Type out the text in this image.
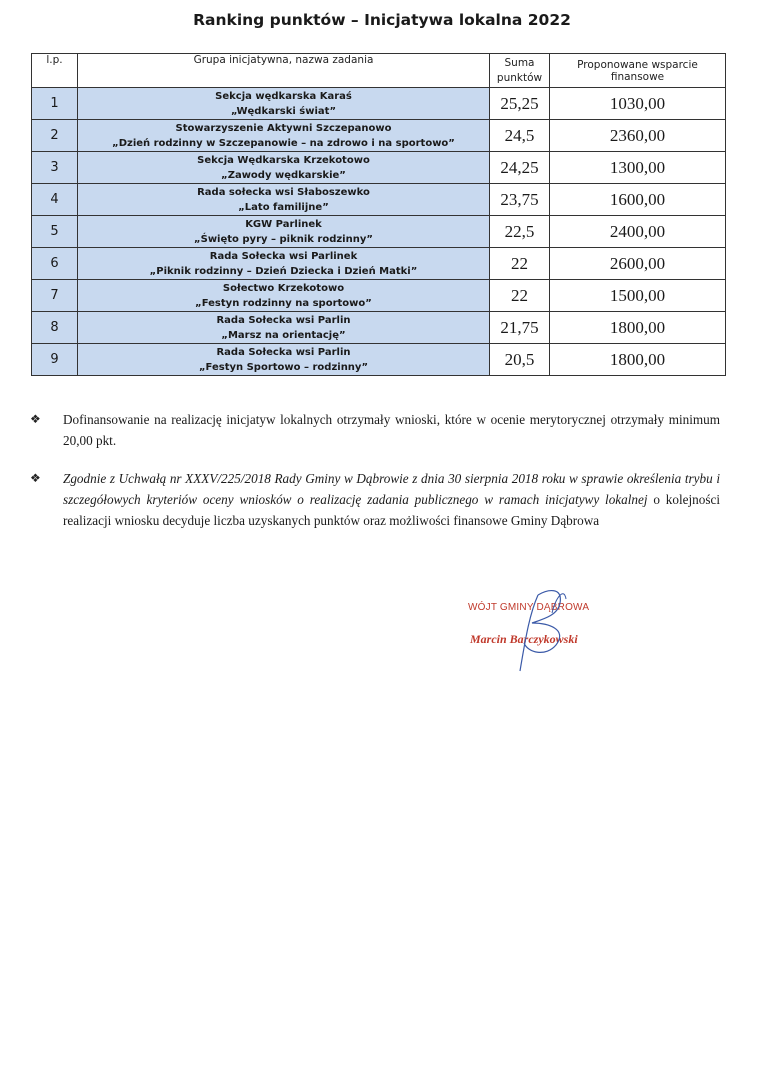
Ranking punktów – Inicjatywa lokalna 2022
l.p.	Grupa inicjatywna, nazwa zadania	Suma
punktów	Proponowane wsparcie finansowe
1	Sekcja wędkarska Karaś
„Wędkarski świat”	25,25	1030,00
2	Stowarzyszenie Aktywni Szczepanowo
„Dzień rodzinny w Szczepanowie – na zdrowo i na sportowo”	24,5	2360,00
3	Sekcja Wędkarska Krzekotowo
„Zawody wędkarskie”	24,25	1300,00
4	Rada sołecka wsi Słaboszewko
„Lato familijne”	23,75	1600,00
5	KGW Parlinek
„Święto pyry – piknik rodzinny”	22,5	2400,00
6	Rada Sołecka wsi Parlinek
„Piknik rodzinny – Dzień Dziecka i Dzień Matki”	22	2600,00
7	Sołectwo Krzekotowo
„Festyn rodzinny na sportowo”	22	1500,00
8	Rada Sołecka wsi Parlin
„Marsz na orientację”	21,75	1800,00
9	Rada Sołecka wsi Parlin
„Festyn Sportowo – rodzinny”	20,5	1800,00
❖ Dofinansowanie na realizację inicjatyw lokalnych otrzymały wnioski, które w ocenie merytorycznej otrzymały minimum 20,00 pkt.

❖ Zgodnie z Uchwałą nr XXXV/225/2018 Rady Gminy w Dąbrowie z dnia 30 sierpnia 2018 roku w sprawie określenia trybu i szczegółowych kryteriów oceny wniosków o realizację zadania publicznego w ramach inicjatywy lokalnej o kolejności realizacji wniosku decyduje liczba uzyskanych punktów oraz możliwości finansowe Gminy Dąbrowa

WÓJT GMINY DĄBROWA
Marcin Barczykowski
